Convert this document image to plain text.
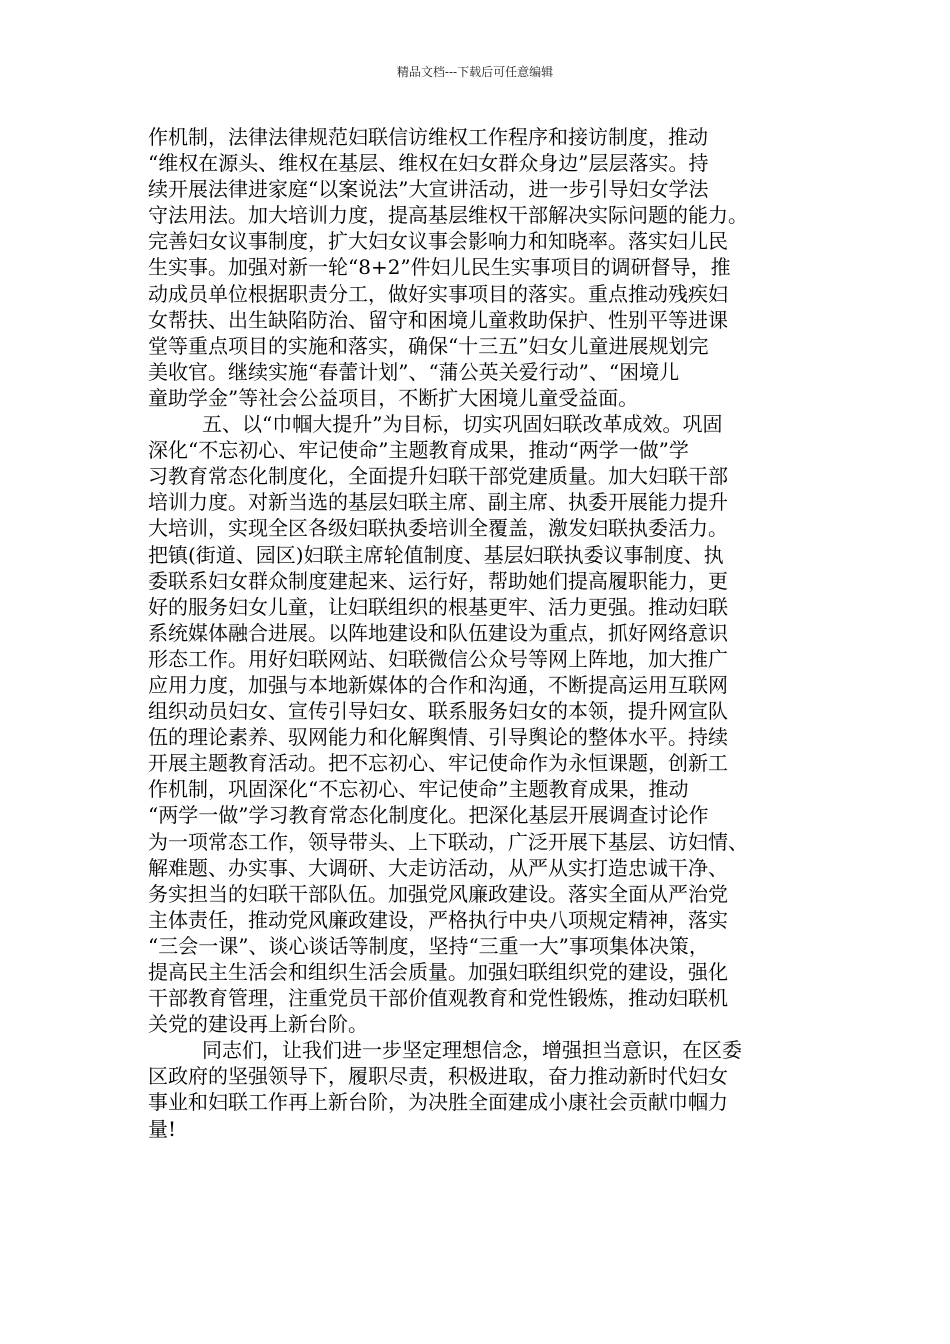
精品文档---下载后可任意编辑
作机制，法律法律规范妇联信访维权工作程序和接访制度，推动
“维权在源头、维权在基层、维权在妇女群众身边”层层落实。持
续开展法律进家庭“以案说法”大宣讲活动，进一步引导妇女学法
守法用法。加大培训力度，提高基层维权干部解决实际问题的能力。
完善妇女议事制度，扩大妇女议事会影响力和知晓率。落实妇儿民
生实事。加强对新一轮“8+2”件妇儿民生实事项目的调研督导，推
动成员单位根据职责分工，做好实事项目的落实。重点推动残疾妇
女帮扶、出生缺陷防治、留守和困境儿童救助保护、性别平等进课
堂等重点项目的实施和落实，确保“十三五”妇女儿童进展规划完
美收官。继续实施“春蕾计划”、“蒲公英关爱行动”、“困境儿
童助学金”等社会公益项目，不断扩大困境儿童受益面。
五、以“巾帼大提升”为目标，切实巩固妇联改革成效。巩固
深化“不忘初心、牢记使命”主题教育成果，推动“两学一做”学
习教育常态化制度化，全面提升妇联干部党建质量。加大妇联干部
培训力度。对新当选的基层妇联主席、副主席、执委开展能力提升
大培训，实现全区各级妇联执委培训全覆盖，激发妇联执委活力。
把镇(街道、园区)妇联主席轮值制度、基层妇联执委议事制度、执
委联系妇女群众制度建起来、运行好，帮助她们提高履职能力，更
好的服务妇女儿童，让妇联组织的根基更牢、活力更强。推动妇联
系统媒体融合进展。以阵地建设和队伍建设为重点，抓好网络意识
形态工作。用好妇联网站、妇联微信公众号等网上阵地，加大推广
应用力度，加强与本地新媒体的合作和沟通，不断提高运用互联网
组织动员妇女、宣传引导妇女、联系服务妇女的本领，提升网宣队
伍的理论素养、驭网能力和化解舆情、引导舆论的整体水平。持续
开展主题教育活动。把不忘初心、牢记使命作为永恒课题，创新工
作机制，巩固深化“不忘初心、牢记使命”主题教育成果，推动
“两学一做”学习教育常态化制度化。把深化基层开展调查讨论作
为一项常态工作，领导带头、上下联动，广泛开展下基层、访妇情、
解难题、办实事、大调研、大走访活动，从严从实打造忠诚干净、
务实担当的妇联干部队伍。加强党风廉政建设。落实全面从严治党
主体责任，推动党风廉政建设，严格执行中央八项规定精神，落实
“三会一课”、谈心谈话等制度，坚持“三重一大”事项集体决策，
提高民主生活会和组织生活会质量。加强妇联组织党的建设，强化
干部教育管理，注重党员干部价值观教育和党性锻炼，推动妇联机
关党的建设再上新台阶。
同志们，让我们进一步坚定理想信念，增强担当意识，在区委
区政府的坚强领导下，履职尽责，积极进取，奋力推动新时代妇女
事业和妇联工作再上新台阶，为决胜全面建成小康社会贡献巾帼力
量!
